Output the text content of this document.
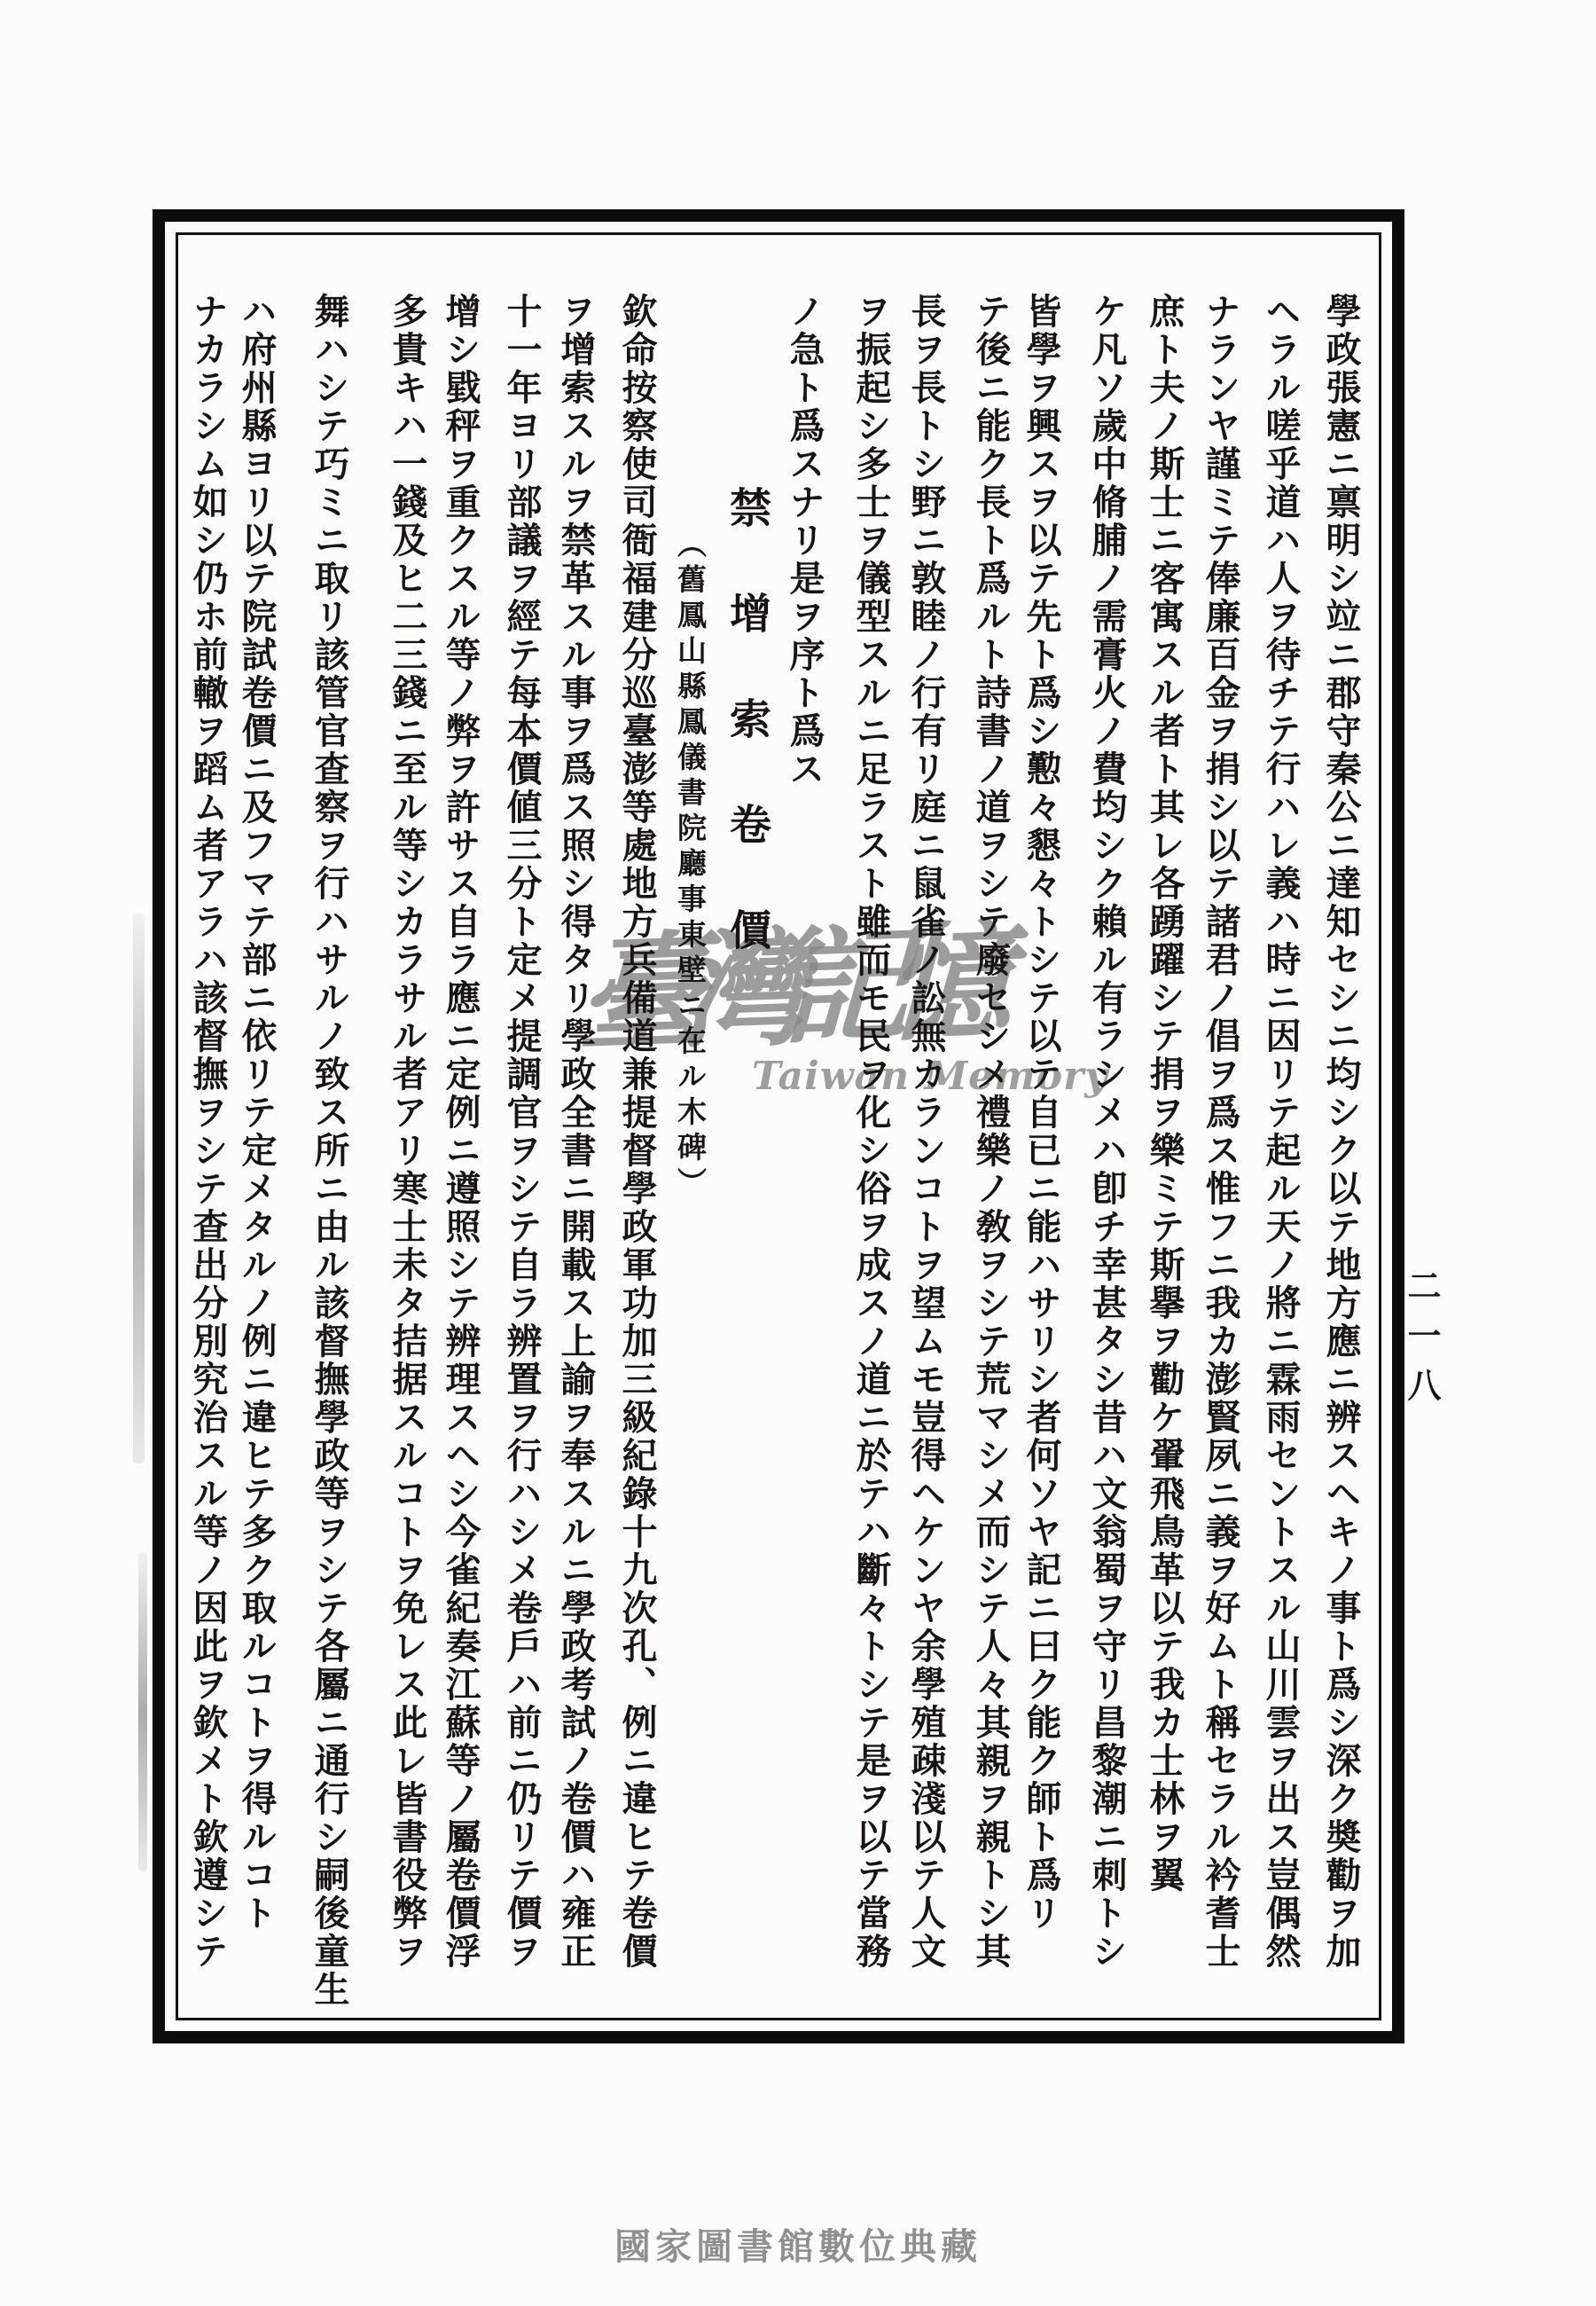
臺灣記憶
Taiwan Memory	學政張憲ニ禀明シ竝ニ郡守秦公ニ達知セシニ均シク以テ地方應ニ辨スヘキノ事ト爲シ深ク奬勸ヲ加
ヘラル嗟乎道ハ人ヲ待チテ行ハレ義ハ時ニ因リテ起ル天ノ將ニ霖雨セントスル山川雲ヲ出ス豈偶然
ナランヤ謹ミテ俸廉百金ヲ捐シ以テ諸君ノ倡ヲ爲ス惟フニ我カ澎賢夙ニ義ヲ好ムト稱セラル衿耆士
庶ト夫ノ斯士ニ客寓スル者ト其レ各踴躍シテ捐ヲ樂ミテ斯擧ヲ勸ケ翬飛鳥革以テ我カ士林ヲ翼
ケ凡ソ歲中脩脯ノ需膏火ノ費均シク賴ル有ラシメハ卽チ幸甚タシ昔ハ文翁蜀ヲ守リ昌黎潮ニ刺トシ
皆學ヲ興スヲ以テ先ト爲シ懃々懇々トシテ以テ自已ニ能ハサリシ者何ソヤ記ニ曰ク能ク師ト爲リ
テ後ニ能ク長ト爲ルト詩書ノ道ヲシテ廢セシメ禮樂ノ敎ヲシテ荒マシメ而シテ人々其親ヲ親トシ其
長ヲ長トシ野ニ敦睦ノ行有リ庭ニ鼠雀ノ訟無カランコトヲ望ムモ豈得ヘケンヤ余學殖疎淺以テ人文
ヲ振起シ多士ヲ儀型スルニ足ラスト雖而モ民ヲ化シ俗ヲ成スノ道ニ於テハ斷々トシテ是ヲ以テ當務
ノ急ト爲スナリ是ヲ序ト爲ス
禁增索卷價
（舊鳳山縣鳳儀書院廳事東壁ニ在ル木碑）
欽命按察使司衙福建分巡臺澎等處地方兵備道兼提督學政軍功加三級紀錄十九次孔、例ニ違ヒテ卷價
ヲ增索スルヲ禁革スル事ヲ爲ス照シ得タリ學政全書ニ開載ス上諭ヲ奉スルニ學政考試ノ卷價ハ雍正
十一年ヨリ部議ヲ經テ每本價値三分ト定メ提調官ヲシテ自ラ辨置ヲ行ハシメ卷戶ハ前ニ仍リテ價ヲ
增シ戥秤ヲ重クスル等ノ弊ヲ許サス自ラ應ニ定例ニ遵照シテ辨理スヘシ今雀紀奏江蘇等ノ屬卷價浮
多貴キハ一錢及ヒ二三錢ニ至ル等シカラサル者アリ寒士未タ拮据スルコトヲ免レス此レ皆書役弊ヲ
舞ハシテ巧ミニ取リ該管官查察ヲ行ハサルノ致ス所ニ由ル該督撫學政等ヲシテ各屬ニ通行シ嗣後童生
ハ府州縣ヨリ以テ院試卷價ニ及フマテ部ニ依リテ定メタルノ例ニ違ヒテ多ク取ルコトヲ得ルコト
ナカラシム如シ仍ホ前轍ヲ蹈ム者アラハ該督撫ヲシテ查出分別究治スル等ノ因此ヲ欽メト欽遵シテ	二一八
國家圖書館數位典藏
